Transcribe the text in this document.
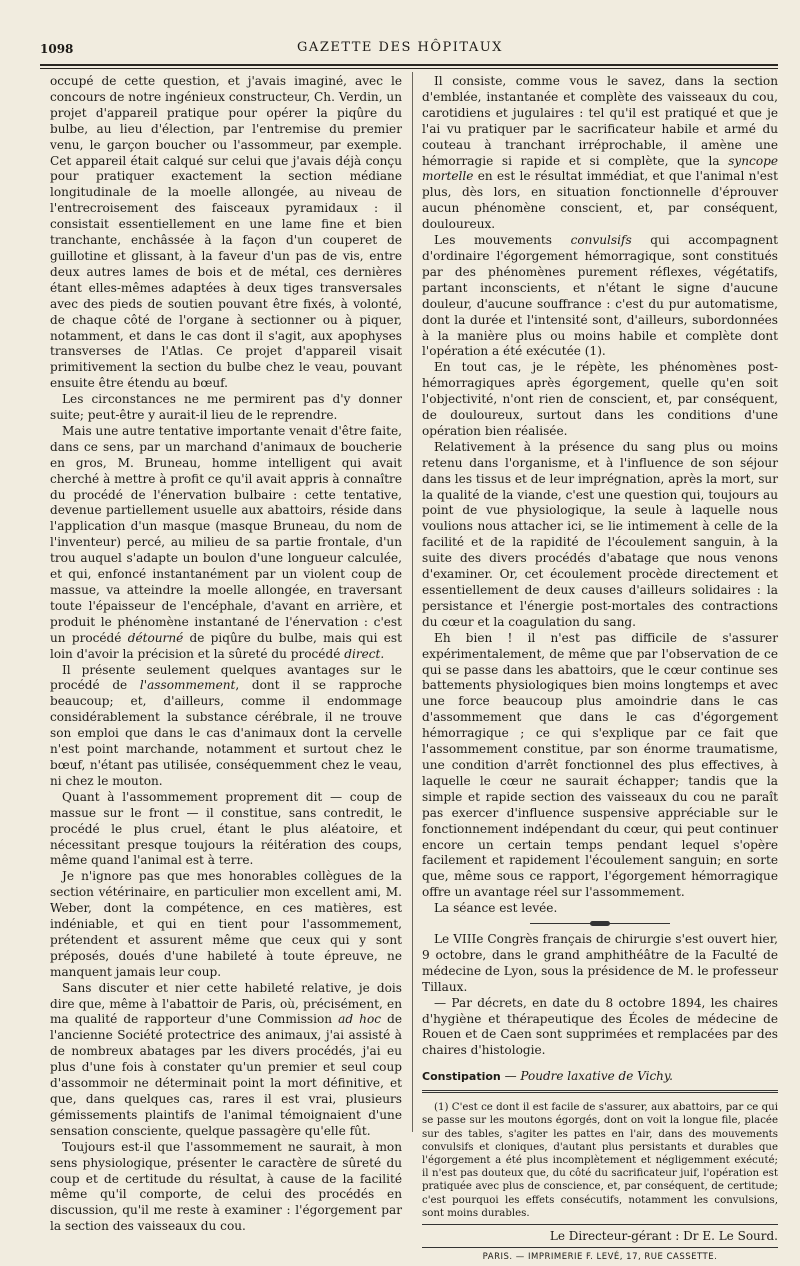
1098	GAZETTE DES HÔPITAUX

occupé de cette question, et j'avais imaginé, avec le concours de notre ingénieux constructeur, Ch. Verdin, un projet d'appareil pratique pour opérer la piqûre du bulbe, au lieu d'élection, par l'entremise du premier venu, le garçon boucher ou l'assommeur, par exemple. Cet appareil était calqué sur celui que j'avais déjà conçu pour pratiquer exactement la section médiane longitudinale de la moelle allongée, au niveau de l'entrecroisement des faisceaux pyramidaux : il consistait essentiellement en une lame fine et bien tranchante, enchâssée à la façon d'un couperet de guillotine et glissant, à la faveur d'un pas de vis, entre deux autres lames de bois et de métal, ces dernières étant elles-mêmes adaptées à deux tiges transversales avec des pieds de soutien pouvant être fixés, à volonté, de chaque côté de l'organe à sectionner ou à piquer, notamment, et dans le cas dont il s'agit, aux apophyses transverses de l'Atlas. Ce projet d'appareil visait primitivement la section du bulbe chez le veau, pouvant ensuite être étendu au bœuf.

Les circonstances ne me permirent pas d'y donner suite; peut-être y aurait-il lieu de le reprendre.

Mais une autre tentative importante venait d'être faite, dans ce sens, par un marchand d'animaux de boucherie en gros, M. Bruneau, homme intelligent qui avait cherché à mettre à profit ce qu'il avait appris à connaître du procédé de l'énervation bulbaire : cette tentative, devenue partiellement usuelle aux abattoirs, réside dans l'application d'un masque (masque Bruneau, du nom de l'inventeur) percé, au milieu de sa partie frontale, d'un trou auquel s'adapte un boulon d'une longueur calculée, et qui, enfoncé instantanément par un violent coup de massue, va atteindre la moelle allongée, en traversant toute l'épaisseur de l'encéphale, d'avant en arrière, et produit le phénomène instantané de l'énervation : c'est un procédé détourné de piqûre du bulbe, mais qui est loin d'avoir la précision et la sûreté du procédé direct.

Il présente seulement quelques avantages sur le procédé de l'assommement, dont il se rapproche beaucoup; et, d'ailleurs, comme il endommage considérablement la substance cérébrale, il ne trouve son emploi que dans le cas d'animaux dont la cervelle n'est point marchande, notamment et surtout chez le bœuf, n'étant pas utilisée, conséquemment chez le veau, ni chez le mouton.

Quant à l'assommement proprement dit — coup de massue sur le front — il constitue, sans contredit, le procédé le plus cruel, étant le plus aléatoire, et nécessitant presque toujours la réitération des coups, même quand l'animal est à terre.

Je n'ignore pas que mes honorables collègues de la section vétérinaire, en particulier mon excellent ami, M. Weber, dont la compétence, en ces matières, est indéniable, et qui en tient pour l'assommement, prétendent et assurent même que ceux qui y sont préposés, doués d'une habileté à toute épreuve, ne manquent jamais leur coup.

Sans discuter et nier cette habileté relative, je dois dire que, même à l'abattoir de Paris, où, précisément, en ma qualité de rapporteur d'une Commission ad hoc de l'ancienne Société protectrice des animaux, j'ai assisté à de nombreux abatages par les divers procédés, j'ai eu plus d'une fois à constater qu'un premier et seul coup d'assommoir ne déterminait point la mort définitive, et que, dans quelques cas, rares il est vrai, plusieurs gémissements plaintifs de l'animal témoignaient d'une sensation consciente, quelque passagère qu'elle fût.

Toujours est-il que l'assommement ne saurait, à mon sens physiologique, présenter le caractère de sûreté du coup et de certitude du résultat, à cause de la facilité même qu'il comporte, de celui des procédés en discussion, qu'il me reste à examiner : l'égorgement par la section des vaisseaux du cou.

Il consiste, comme vous le savez, dans la section d'emblée, instantanée et complète des vaisseaux du cou, carotidiens et jugulaires : tel qu'il est pratiqué et que je l'ai vu pratiquer par le sacrificateur habile et armé du couteau à tranchant irréprochable, il amène une hémorragie si rapide et si complète, que la syncope mortelle en est le résultat immédiat, et que l'animal n'est plus, dès lors, en situation fonctionnelle d'éprouver aucun phénomène conscient, et, par conséquent, douloureux.

Les mouvements convulsifs qui accompagnent d'ordinaire l'égorgement hémorragique, sont constitués par des phénomènes purement réflexes, végétatifs, partant inconscients, et n'étant le signe d'aucune douleur, d'aucune souffrance : c'est du pur automatisme, dont la durée et l'intensité sont, d'ailleurs, subordonnées à la manière plus ou moins habile et complète dont l'opération a été exécutée (1).

En tout cas, je le répète, les phénomènes post-hémorragiques après égorgement, quelle qu'en soit l'objectivité, n'ont rien de conscient, et, par conséquent, de douloureux, surtout dans les conditions d'une opération bien réalisée.

Relativement à la présence du sang plus ou moins retenu dans l'organisme, et à l'influence de son séjour dans les tissus et de leur imprégnation, après la mort, sur la qualité de la viande, c'est une question qui, toujours au point de vue physiologique, la seule à laquelle nous voulions nous attacher ici, se lie intimement à celle de la facilité et de la rapidité de l'écoulement sanguin, à la suite des divers procédés d'abatage que nous venons d'examiner. Or, cet écoulement procède directement et essentiellement de deux causes d'ailleurs solidaires : la persistance et l'énergie post-mortales des contractions du cœur et la coagulation du sang.

Eh bien ! il n'est pas difficile de s'assurer expérimentalement, de même que par l'observation de ce qui se passe dans les abattoirs, que le cœur continue ses battements physiologiques bien moins longtemps et avec une force beaucoup plus amoindrie dans le cas d'assommement que dans le cas d'égorgement hémorragique ; ce qui s'explique par ce fait que l'assommement constitue, par son énorme traumatisme, une condition d'arrêt fonctionnel des plus effectives, à laquelle le cœur ne saurait échapper; tandis que la simple et rapide section des vaisseaux du cou ne paraît pas exercer d'influence suspensive appréciable sur le fonctionnement indépendant du cœur, qui peut continuer encore un certain temps pendant lequel s'opère facilement et rapidement l'écoulement sanguin; en sorte que, même sous ce rapport, l'égorgement hémorragique offre un avantage réel sur l'assommement.

La séance est levée.

Le VIIIe Congrès français de chirurgie s'est ouvert hier, 9 octobre, dans le grand amphithéâtre de la Faculté de médecine de Lyon, sous la présidence de M. le professeur Tillaux.

— Par décrets, en date du 8 octobre 1894, les chaires d'hygiène et thérapeutique des Écoles de médecine de Rouen et de Caen sont supprimées et remplacées par des chaires d'histologie.

Constipation — Poudre laxative de Vichy.

(1) C'est ce dont il est facile de s'assurer, aux abattoirs, par ce qui se passe sur les moutons égorgés, dont on voit la longue file, placée sur des tables, s'agiter les pattes en l'air, dans des mouvements convulsifs et cloniques, d'autant plus persistants et durables que l'égorgement a été plus incomplètement et négligemment exécuté; il n'est pas douteux que, du côté du sacrificateur juif, l'opération est pratiquée avec plus de conscience, et, par conséquent, de certitude; c'est pourquoi les effets consécutifs, notamment les convulsions, sont moins durables.

Le Directeur-gérant : Dr E. Le Sourd.
PARIS. — IMPRIMERIE F. LEVÉ, 17, RUE CASSETTE.
